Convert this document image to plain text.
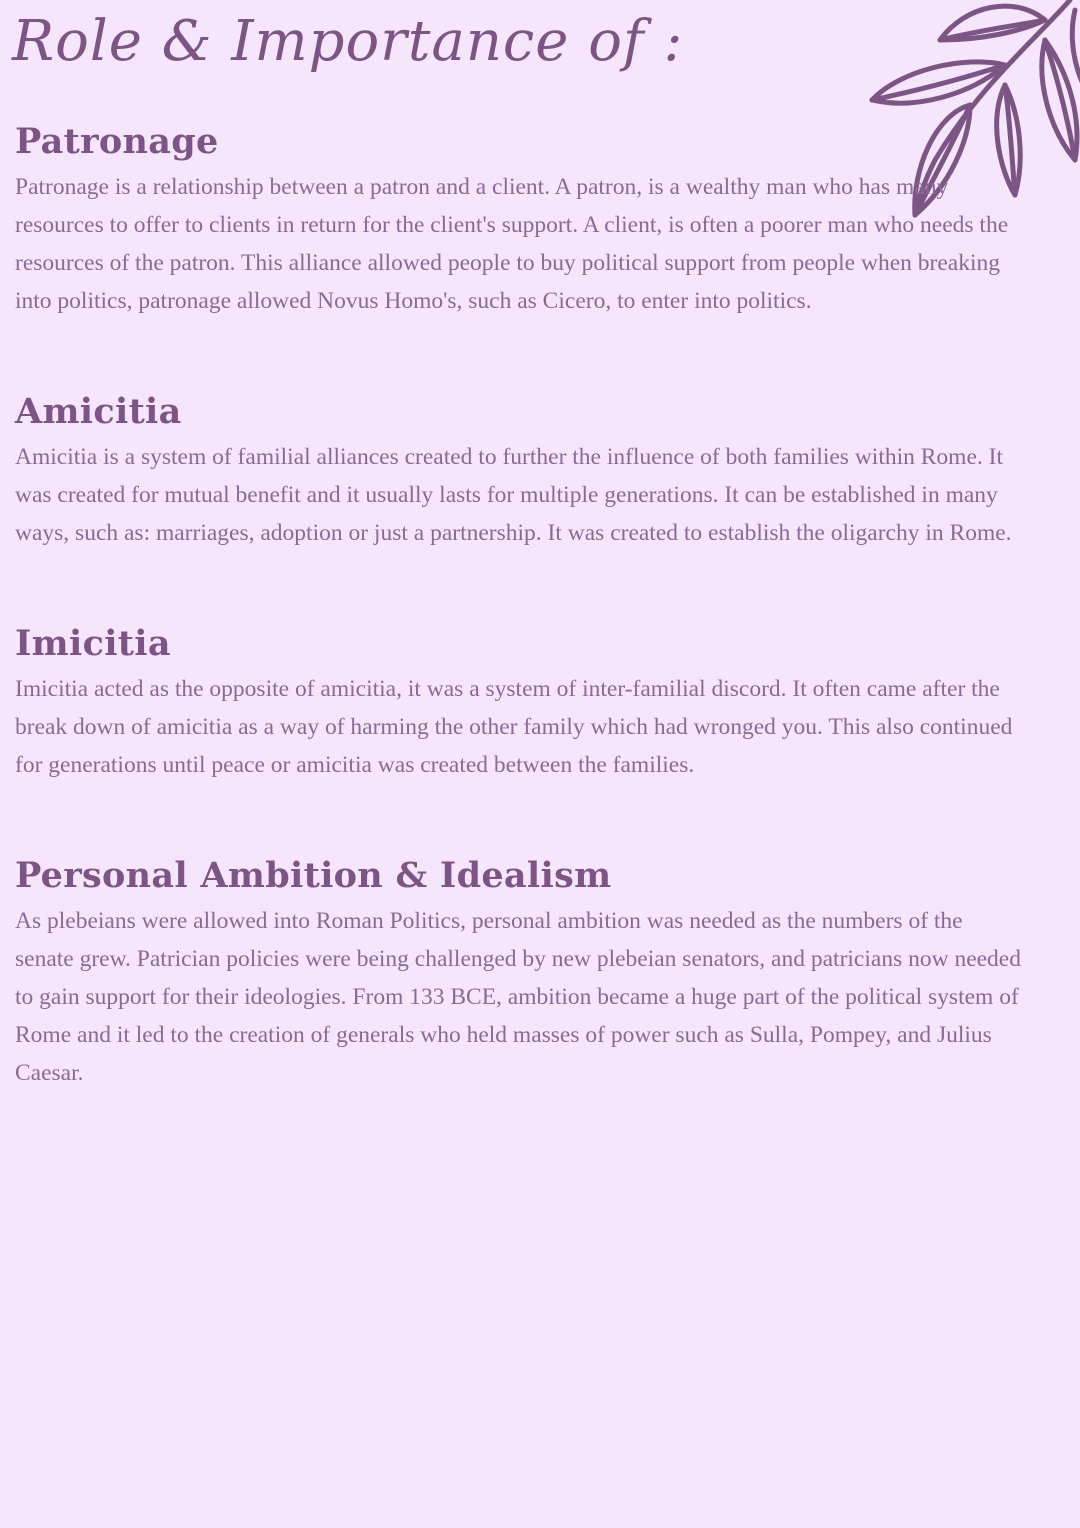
Role & Importance of :
Patronage

Patronage is a relationship between a patron and a client. A patron, is a wealthy man who has many resources to offer to clients in return for the client's support. A client, is often a poorer man who needs the resources of the patron. This alliance allowed people to buy political support from people when breaking into politics, patronage allowed Novus Homo's, such as Cicero, to enter into politics.

Amicitia

Amicitia is a system of familial alliances created to further the influence of both families within Rome. It was created for mutual benefit and it usually lasts for multiple generations. It can be established in many ways, such as: marriages, adoption or just a partnership. It was created to establish the oligarchy in Rome.

Imicitia

Imicitia acted as the opposite of amicitia, it was a system of inter-familial discord. It often came after the break down of amicitia as a way of harming the other family which had wronged you. This also continued for generations until peace or amicitia was created between the families.

Personal Ambition & Idealism

As plebeians were allowed into Roman Politics, personal ambition was needed as the numbers of the senate grew. Patrician policies were being challenged by new plebeian senators, and patricians now needed to gain support for their ideologies. From 133 BCE, ambition became a huge part of the political system of Rome and it led to the creation of generals who held masses of power such as Sulla, Pompey, and Julius Caesar.
